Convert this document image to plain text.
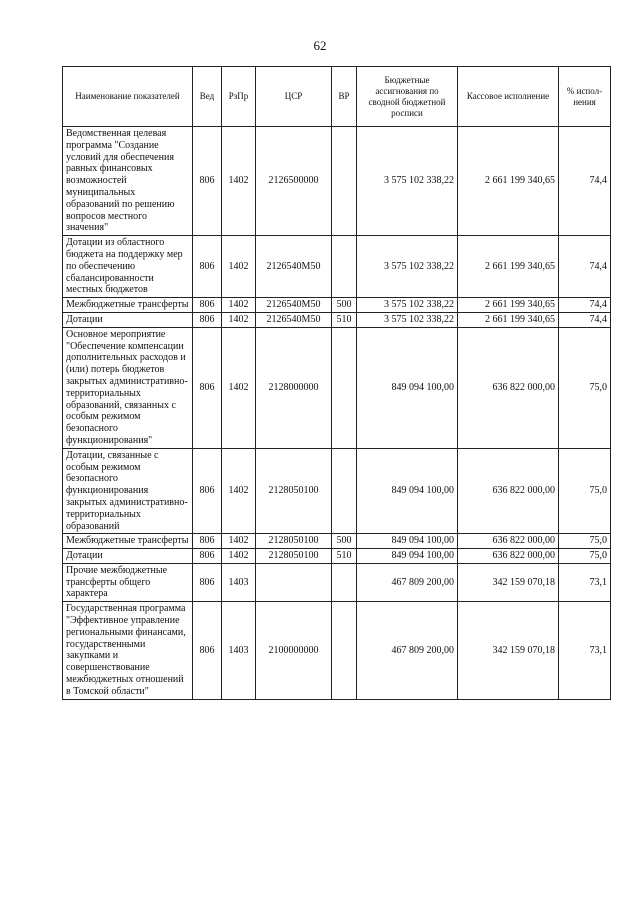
62
Наименование показателей	Вед	РзПр	ЦСР	ВР	Бюджетные ассигнования по сводной бюджетной росписи	Кассовое исполнение	% испол-нения
Ведомственная целевая программа "Создание условий для обеспечения равных финансовых возможностей муниципальных образований по решению вопросов местного значения"	806	1402	2126500000		3 575 102 338,22	2 661 199 340,65	74,4
Дотации из областного бюджета на поддержку мер по обеспечению сбалансированности местных бюджетов	806	1402	2126540M50		3 575 102 338,22	2 661 199 340,65	74,4
Межбюджетные трансферты	806	1402	2126540M50	500	3 575 102 338,22	2 661 199 340,65	74,4
Дотации	806	1402	2126540M50	510	3 575 102 338,22	2 661 199 340,65	74,4
Основное мероприятие "Обеспечение компенсации дополнительных расходов и (или) потерь бюджетов закрытых административно-территориальных образований, связанных с особым режимом безопасного функционирования"	806	1402	2128000000		849 094 100,00	636 822 000,00	75,0
Дотации, связанные с особым режимом безопасного функционирования закрытых административно-территориальных образований	806	1402	2128050100		849 094 100,00	636 822 000,00	75,0
Межбюджетные трансферты	806	1402	2128050100	500	849 094 100,00	636 822 000,00	75,0
Дотации	806	1402	2128050100	510	849 094 100,00	636 822 000,00	75,0
Прочие межбюджетные трансферты общего характера	806	1403			467 809 200,00	342 159 070,18	73,1
Государственная программа "Эффективное управление региональными финансами, государственными закупками и совершенствование межбюджетных отношений в Томской области"	806	1403	2100000000		467 809 200,00	342 159 070,18	73,1
